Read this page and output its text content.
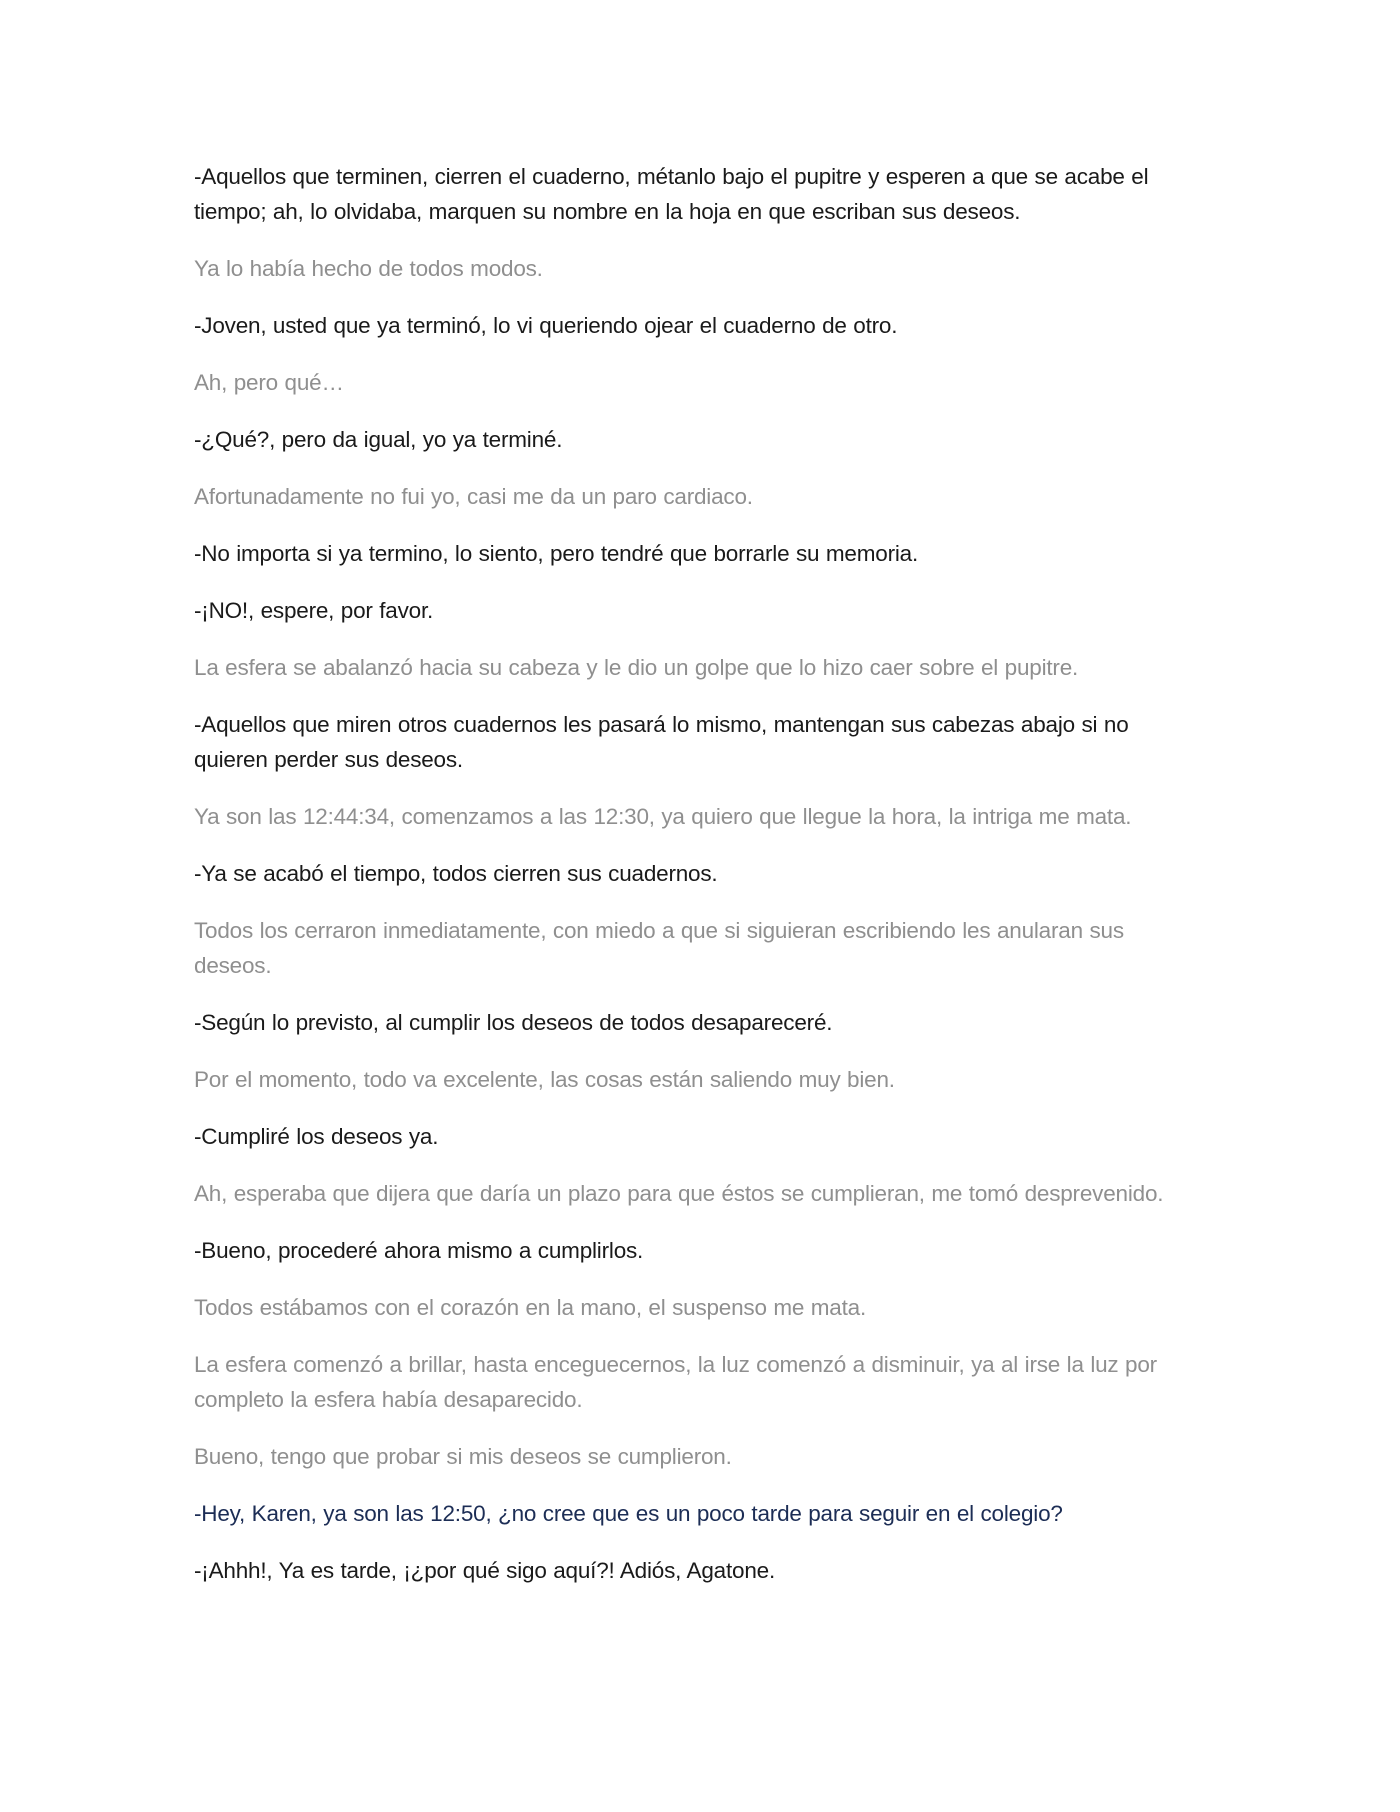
-Aquellos que terminen, cierren el cuaderno, métanlo bajo el pupitre y esperen a que se acabe el tiempo; ah, lo olvidaba, marquen su nombre en la hoja en que escriban sus deseos.

Ya lo había hecho de todos modos.

-Joven, usted que ya terminó, lo vi queriendo ojear el cuaderno de otro.

Ah, pero qué…

-¿Qué?, pero da igual, yo ya terminé.

Afortunadamente no fui yo, casi me da un paro cardiaco.

-No importa si ya termino, lo siento, pero tendré que borrarle su memoria.

-¡NO!, espere, por favor.

La esfera se abalanzó hacia su cabeza y le dio un golpe que lo hizo caer sobre el pupitre.

-Aquellos que miren otros cuadernos les pasará lo mismo, mantengan sus cabezas abajo si no quieren perder sus deseos.

Ya son las 12:44:34, comenzamos a las 12:30, ya quiero que llegue la hora, la intriga me mata.

-Ya se acabó el tiempo, todos cierren sus cuadernos.

Todos los cerraron inmediatamente, con miedo a que si siguieran escribiendo les anularan sus deseos.

-Según lo previsto, al cumplir los deseos de todos desapareceré.

Por el momento, todo va excelente, las cosas están saliendo muy bien.

-Cumpliré los deseos ya.

Ah, esperaba que dijera que daría un plazo para que éstos se cumplieran, me tomó desprevenido.

-Bueno, procederé ahora mismo a cumplirlos.

Todos estábamos con el corazón en la mano, el suspenso me mata.

La esfera comenzó a brillar, hasta enceguecernos, la luz comenzó a disminuir, ya al irse la luz por completo la esfera había desaparecido.

Bueno, tengo que probar si mis deseos se cumplieron.

-Hey, Karen, ya son las 12:50, ¿no cree que es un poco tarde para seguir en el colegio?

-¡Ahhh!, Ya es tarde, ¡¿por qué sigo aquí?! Adiós, Agatone.
